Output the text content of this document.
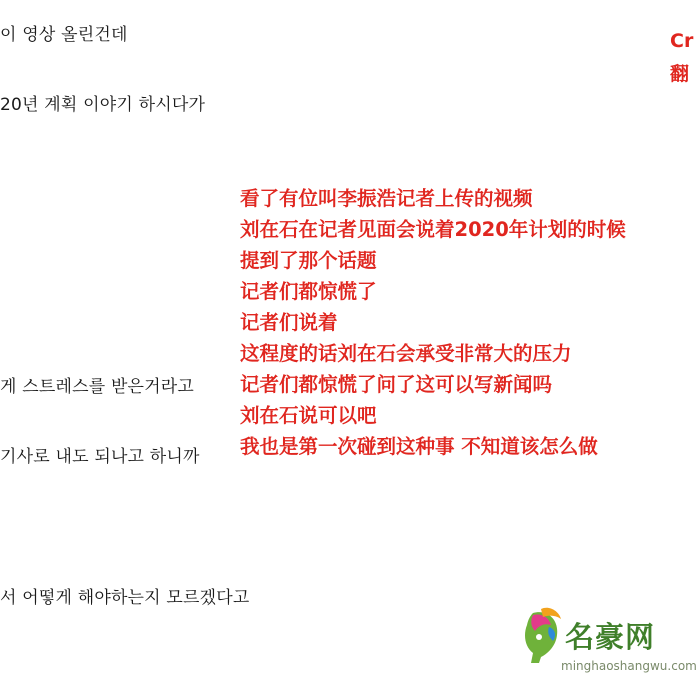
이 영상 올린건데
20년 계획 이야기 하시다가
게 스트레스를 받은거라고
기사로 내도 되나고 하니까
서 어떻게 해야하는지 모르겠다고
Cr
翻
看了有位叫李振浩记者上传的视频
刘在石在记者见面会说着2020年计划的时候
提到了那个话题
记者们都惊慌了
记者们说着
这程度的话刘在石会承受非常大的压力
记者们都惊慌了问了这可以写新闻吗
刘在石说可以吧
我也是第一次碰到这种事 不知道该怎么做
名豪网
minghaoshangwu.com
